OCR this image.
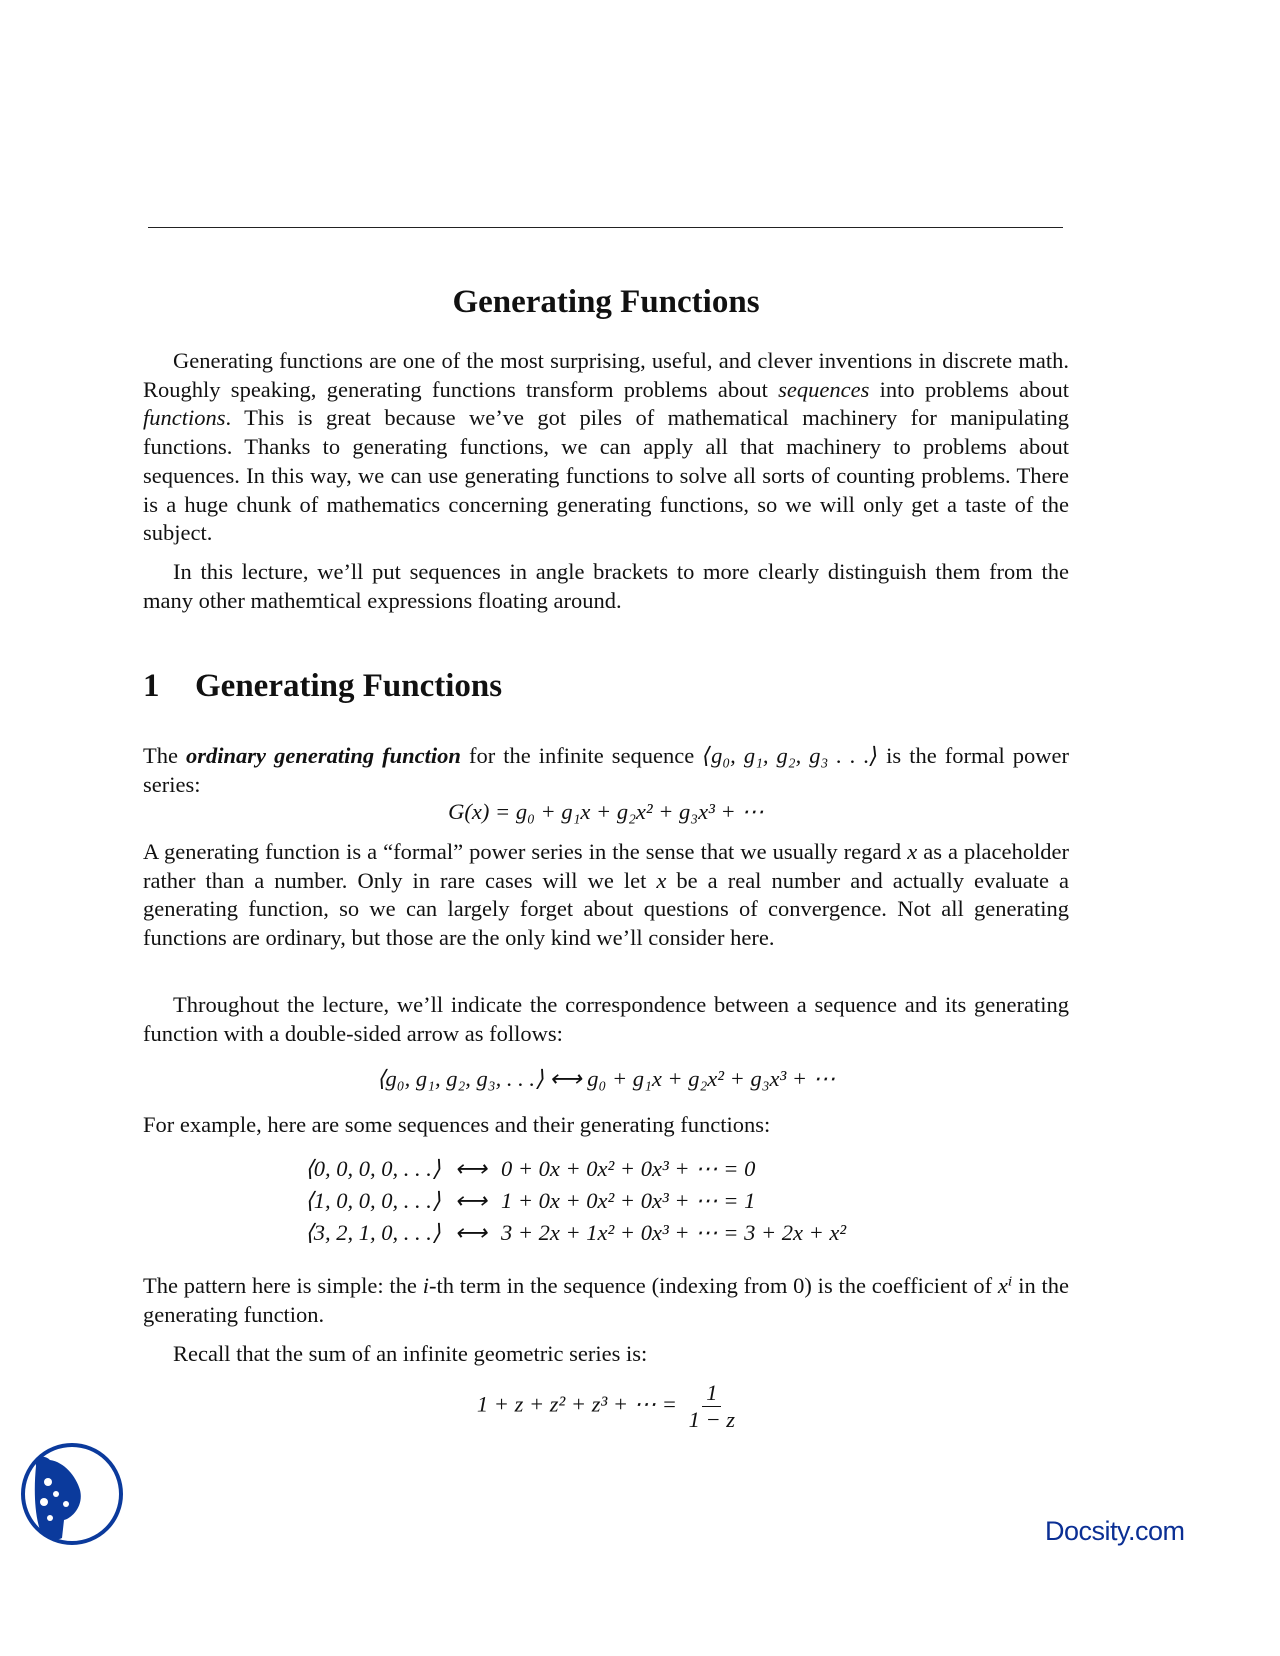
Generating Functions
Generating functions are one of the most surprising, useful, and clever inventions in discrete math. Roughly speaking, generating functions transform problems about sequences into problems about functions. This is great because we’ve got piles of mathematical machinery for manipulating functions. Thanks to generating functions, we can apply all that machinery to problems about sequences. In this way, we can use generating functions to solve all sorts of counting problems. There is a huge chunk of mathematics concerning generating functions, so we will only get a taste of the subject.
In this lecture, we’ll put sequences in angle brackets to more clearly distinguish them from the many other mathemtical expressions floating around.
1 Generating Functions
The ordinary generating function for the infinite sequence ⟨g₀, g₁, g₂, g₃ . . .⟩ is the formal power series:
G(x) = g₀ + g₁x + g₂x² + g₃x³ + ⋯
A generating function is a “formal” power series in the sense that we usually regard x as a placeholder rather than a number. Only in rare cases will we let x be a real number and actually evaluate a generating function, so we can largely forget about questions of convergence. Not all generating functions are ordinary, but those are the only kind we’ll consider here.
Throughout the lecture, we’ll indicate the correspondence between a sequence and its generating function with a double-sided arrow as follows:
⟨g₀, g₁, g₂, g₃, . . .⟩ ⟷ g₀ + g₁x + g₂x² + g₃x³ + ⋯
For example, here are some sequences and their generating functions:
⟨0, 0, 0, 0, . . .⟩ ⟷ 0 + 0x + 0x² + 0x³ + ⋯ = 0
⟨1, 0, 0, 0, . . .⟩ ⟷ 1 + 0x + 0x² + 0x³ + ⋯ = 1
⟨3, 2, 1, 0, . . .⟩ ⟷ 3 + 2x + 1x² + 0x³ + ⋯ = 3 + 2x + x²
The pattern here is simple: the i-th term in the sequence (indexing from 0) is the coefficient of xⁱ in the generating function.
Recall that the sum of an infinite geometric series is:
1 + z + z² + z³ + ⋯ = $\frac{1}{1 - z}$
Docsity.com
